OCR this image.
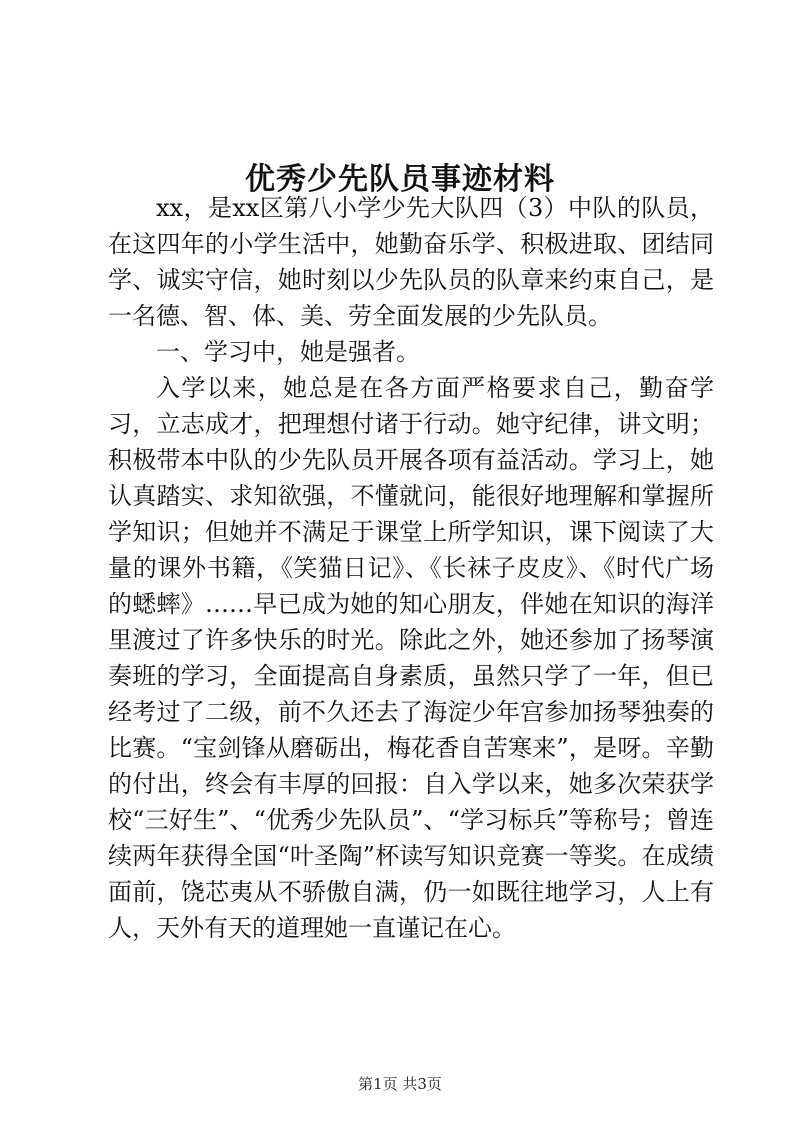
优秀少先队员事迹材料

xx，是xx区第八小学少先大队四（3）中队的队员，在这四年的小学生活中，她勤奋乐学、积极进取、团结同学、诚实守信，她时刻以少先队员的队章来约束自己，是一名德、智、体、美、劳全面发展的少先队员。

一、学习中，她是强者。

入学以来，她总是在各方面严格要求自己，勤奋学习，立志成才，把理想付诸于行动。她守纪律，讲文明；积极带本中队的少先队员开展各项有益活动。学习上，她认真踏实、求知欲强，不懂就问，能很好地理解和掌握所学知识；但她并不满足于课堂上所学知识，课下阅读了大量的课外书籍，《笑猫日记》、《长袜子皮皮》、《时代广场的蟋蟀》……早已成为她的知心朋友，伴她在知识的海洋里渡过了许多快乐的时光。除此之外，她还参加了扬琴演奏班的学习，全面提高自身素质，虽然只学了一年，但已经考过了二级，前不久还去了海淀少年宫参加扬琴独奏的比赛。“宝剑锋从磨砺出，梅花香自苦寒来”，是呀。辛勤的付出，终会有丰厚的回报：自入学以来，她多次荣获学校“三好生”、“优秀少先队员”、“学习标兵”等称号；曾连续两年获得全国“叶圣陶”杯读写知识竞赛一等奖。在成绩面前，饶芯夷从不骄傲自满，仍一如既往地学习，人上有人，天外有天的道理她一直谨记在心。

第1页 共3页
